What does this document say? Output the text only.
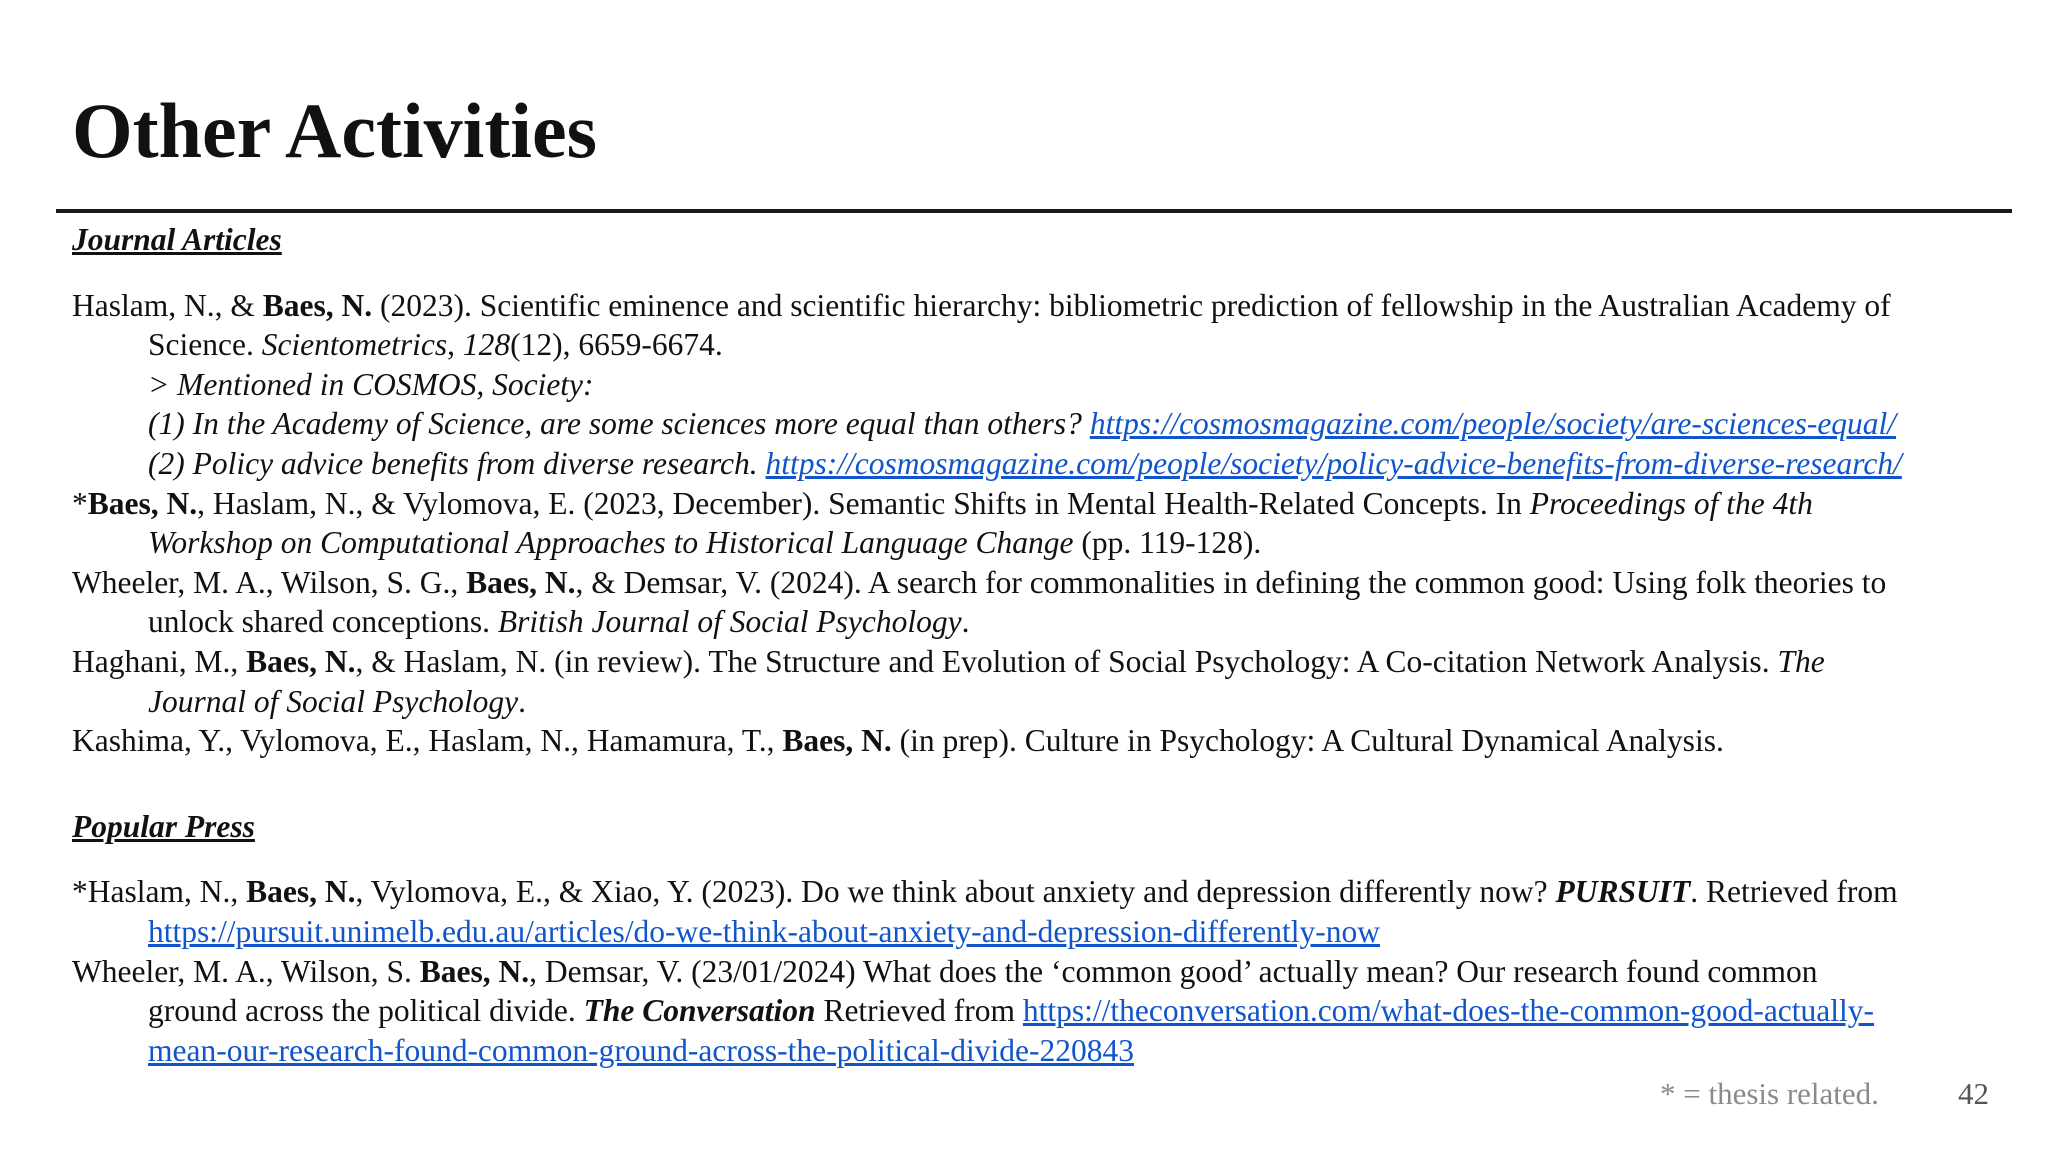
Other Activities

Journal Articles

Haslam, N., & Baes, N. (2023). Scientific eminence and scientific hierarchy: bibliometric prediction of fellowship in the Australian Academy of
Science. Scientometrics, 128(12), 6659-6674.

> Mentioned in COSMOS, Society:

(1) In the Academy of Science, are some sciences more equal than others? https://cosmosmagazine.com/people/society/are-sciences-equal/

(2) Policy advice benefits from diverse research. https://cosmosmagazine.com/people/society/policy-advice-benefits-from-diverse-research/

*Baes, N., Haslam, N., & Vylomova, E. (2023, December). Semantic Shifts in Mental Health-Related Concepts. In Proceedings of the 4th
Workshop on Computational Approaches to Historical Language Change (pp. 119-128).

Wheeler, M. A., Wilson, S. G., Baes, N., & Demsar, V. (2024). A search for commonalities in defining the common good: Using folk theories to
unlock shared conceptions. British Journal of Social Psychology.

Haghani, M., Baes, N., & Haslam, N. (in review). The Structure and Evolution of Social Psychology: A Co-citation Network Analysis. The
Journal of Social Psychology.

Kashima, Y., Vylomova, E., Haslam, N., Hamamura, T., Baes, N. (in prep). Culture in Psychology: A Cultural Dynamical Analysis.

Popular Press

*Haslam, N., Baes, N., Vylomova, E., & Xiao, Y. (2023). Do we think about anxiety and depression differently now? PURSUIT. Retrieved from
https://pursuit.unimelb.edu.au/articles/do-we-think-about-anxiety-and-depression-differently-now

Wheeler, M. A., Wilson, S. Baes, N., Demsar, V. (23/01/2024) What does the ‘common good’ actually mean? Our research found common
ground across the political divide. The Conversation Retrieved from https://theconversation.com/what-does-the-common-good-actually-
mean-our-research-found-common-ground-across-the-political-divide-220843

* = thesis related.	42
